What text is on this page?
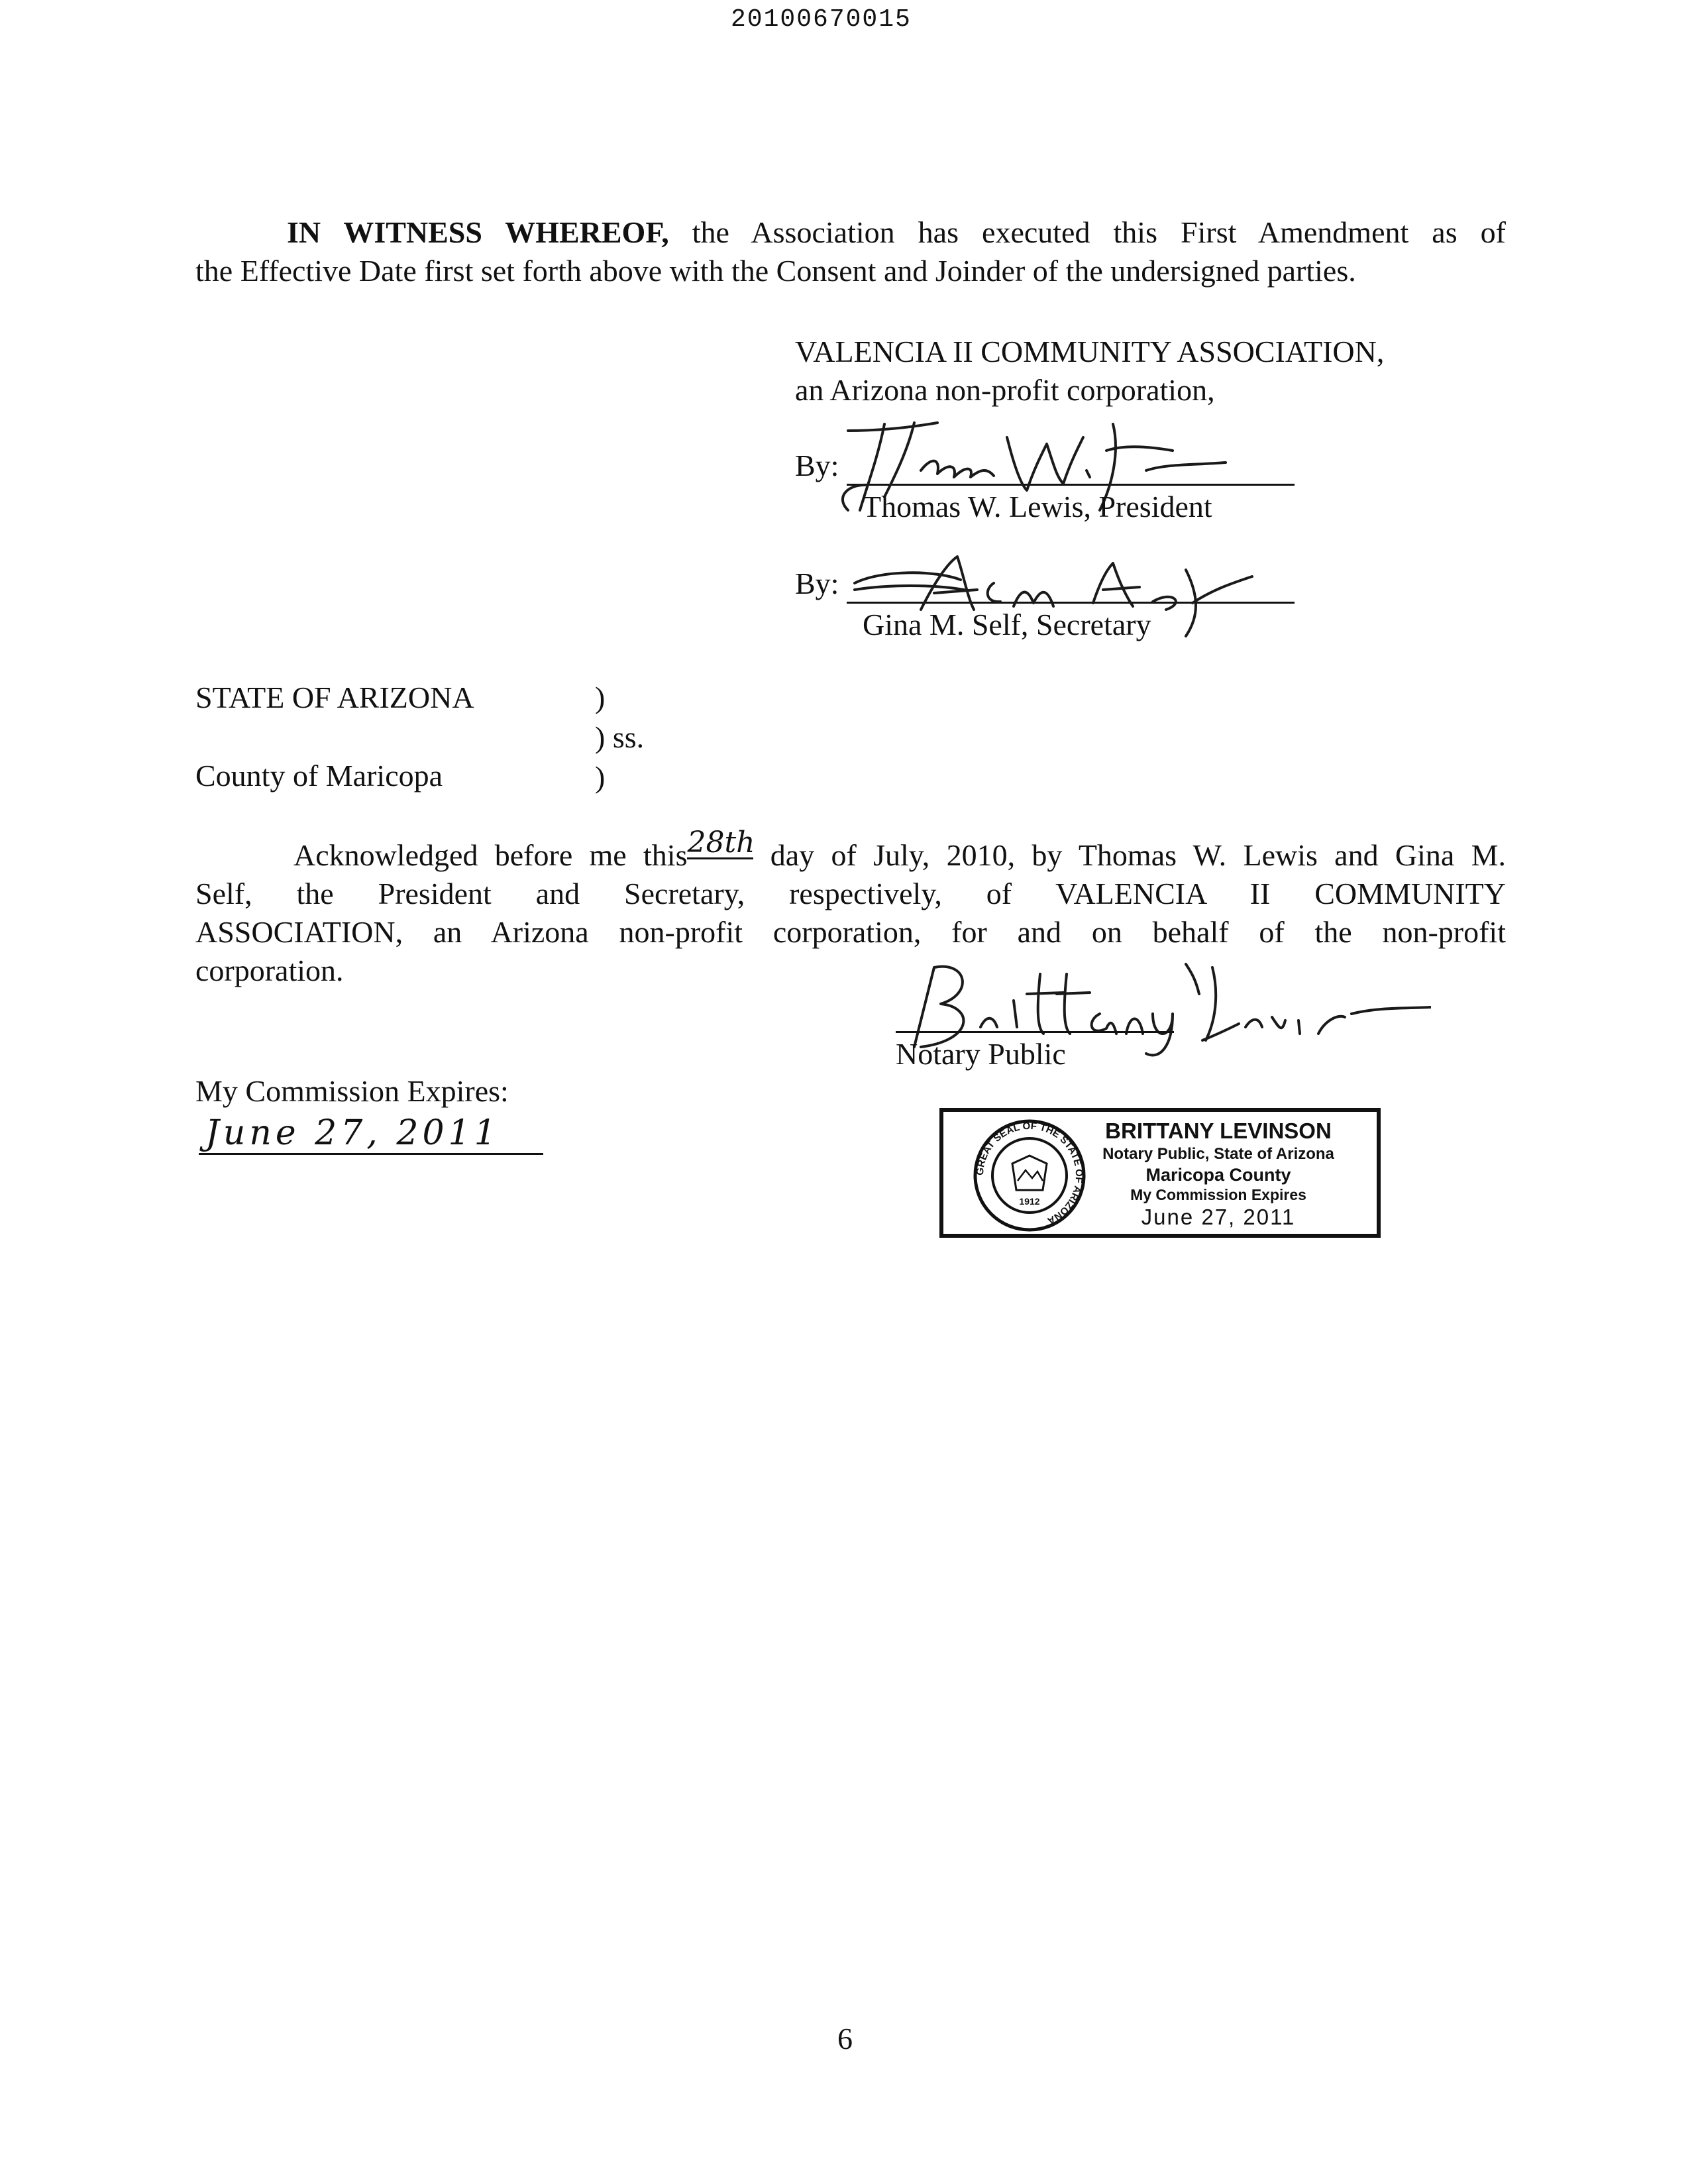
20100670015
IN WITNESS WHEREOF, the Association has executed this First Amendment as of
the Effective Date first set forth above with the Consent and Joinder of the undersigned parties.
VALENCIA II COMMUNITY ASSOCIATION,
an Arizona non-profit corporation,
By:
Thomas W. Lewis, President
By:
Gina M. Self, Secretary
STATE OF ARIZONA	)
) ss.
County of Maricopa	)
Acknowledged before me this28th day of July, 2010, by Thomas W. Lewis and Gina M.
Self, the President and Secretary, respectively, of VALENCIA II COMMUNITY
ASSOCIATION, an Arizona non-profit corporation, for and on behalf of the non-profit
corporation.
Notary Public
My Commission Expires:
June 27, 2011
GREAT SEAL OF THE STATE OF ARIZONA
1912
BRITTANY LEVINSON
Notary Public, State of Arizona
Maricopa County
My Commission Expires
June 27, 2011
6
